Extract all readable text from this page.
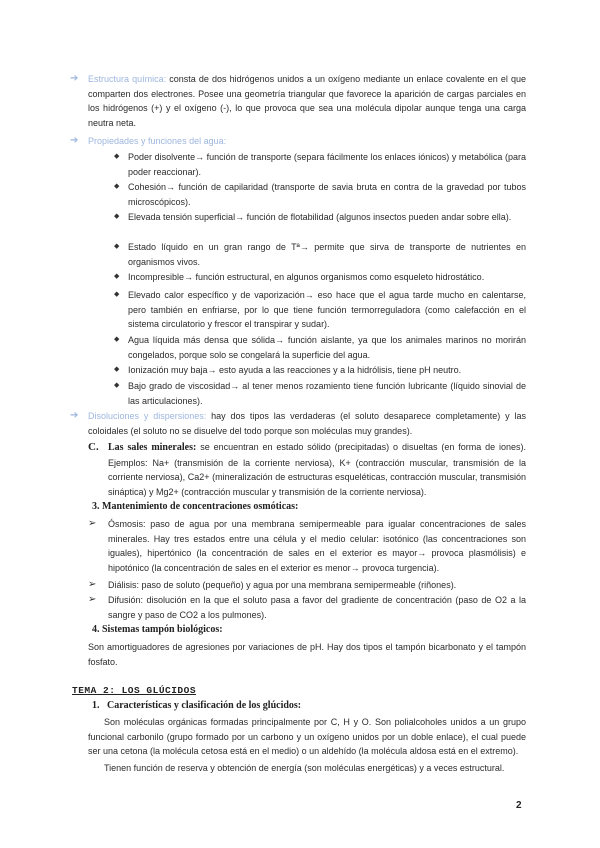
➔ Estructura química: consta de dos hidrógenos unidos a un oxígeno mediante un enlace covalente en el que comparten dos electrones. Posee una geometría triangular que favorece la aparición de cargas parciales en los hidrógenos (+) y el oxígeno (-), lo que provoca que sea una molécula dipolar aunque tenga una carga neutra neta.
➔ Propiedades y funciones del agua:
◆ Poder disolvente→ función de transporte (separa fácilmente los enlaces iónicos) y metabólica (para poder reaccionar).
◆ Cohesión→ función de capilaridad (transporte de savia bruta en contra de la gravedad por tubos microscópicos).
◆ Elevada tensión superficial→ función de flotabilidad (algunos insectos pueden andar sobre ella).
◆ Estado líquido en un gran rango de Tª→ permite que sirva de transporte de nutrientes en organismos vivos.
◆ Incompresible→ función estructural, en algunos organismos como esqueleto hidrostático.
◆ Elevado calor específico y de vaporización→ eso hace que el agua tarde mucho en calentarse, pero también en enfriarse, por lo que tiene función termorreguladora (como calefacción en el sistema circulatorio y frescor el transpirar y sudar).
◆ Agua líquida más densa que sólida→ función aislante, ya que los animales marinos no morirán congelados, porque solo se congelará la superficie del agua.
◆ Ionización muy baja→ esto ayuda a las reacciones y a la hidrólisis, tiene pH neutro.
◆ Bajo grado de viscosidad→ al tener menos rozamiento tiene función lubricante (líquido sinovial de las articulaciones).
➔ Disoluciones y dispersiones: hay dos tipos las verdaderas (el soluto desaparece completamente) y las coloidales (el soluto no se disuelve del todo porque son moléculas muy grandes).
C. Las sales minerales: se encuentran en estado sólido (precipitadas) o disueltas (en forma de iones). Ejemplos: Na+ (transmisión de la corriente nerviosa), K+ (contracción muscular, transmisión de la corriente nerviosa), Ca2+ (mineralización de estructuras esqueléticas, contracción muscular, transmisión sináptica) y Mg2+ (contracción muscular y transmisión de la corriente nerviosa).
3. Mantenimiento de concentraciones osmóticas:
➢ Ósmosis: paso de agua por una membrana semipermeable para igualar concentraciones de sales minerales. Hay tres estados entre una célula y el medio celular: isotónico (las concentraciones son iguales), hipertónico (la concentración de sales en el exterior es mayor→ provoca plasmólisis) e hipotónico (la concentración de sales en el exterior es menor→ provoca turgencia).
➢ Diálisis: paso de soluto (pequeño) y agua por una membrana semipermeable (riñones).
➢ Difusión: disolución en la que el soluto pasa a favor del gradiente de concentración (paso de O2 a la sangre y paso de CO2 a los pulmones).
4. Sistemas tampón biológicos:
Son amortiguadores de agresiones por variaciones de pH. Hay dos tipos el tampón bicarbonato y el tampón fosfato.
TEMA 2: LOS GLÚCIDOS
1.   Características y clasificación de los glúcidos:
Son moléculas orgánicas formadas principalmente por C, H y O. Son polialcoholes unidos a un grupo funcional carbonilo (grupo formado por un carbono y un oxígeno unidos por un doble enlace), el cual puede ser una cetona (la molécula cetosa está en el medio) o un aldehído (la molécula aldosa está en el extremo).
Tienen función de reserva y obtención de energía (son moléculas energéticas) y a veces estructural.
2
